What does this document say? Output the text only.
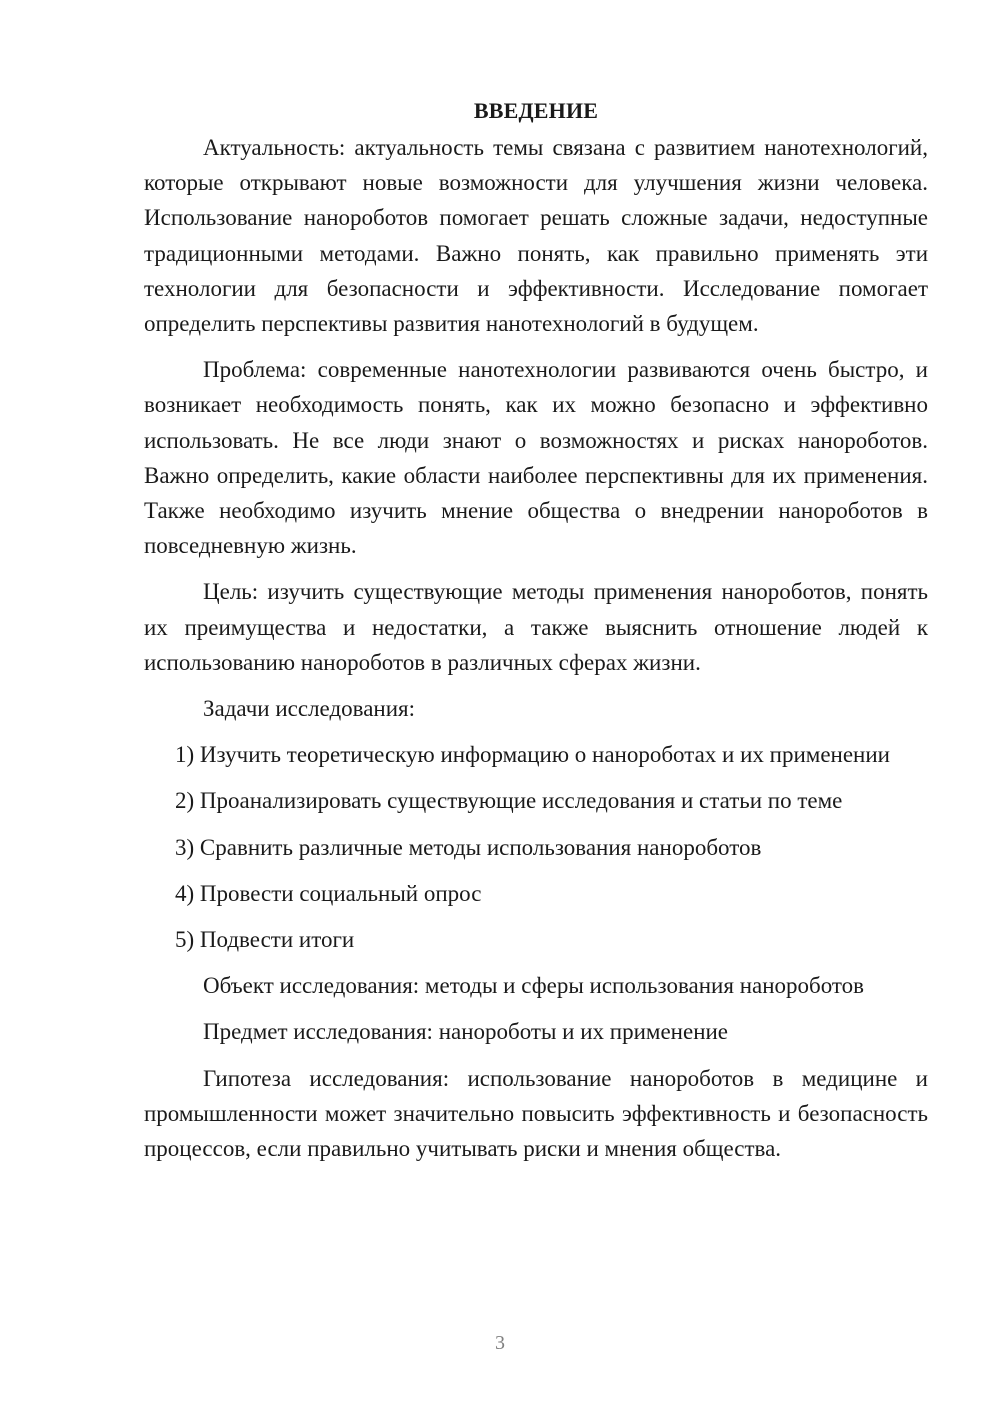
ВВЕДЕНИЕ

Актуальность: актуальность темы связана с развитием нанотехнологий, которые открывают новые возможности для улучшения жизни человека. Использование нанороботов помогает решать сложные задачи, недоступные традиционными методами. Важно понять, как правильно применять эти технологии для безопасности и эффективности. Исследование помогает определить перспективы развития нанотехнологий в будущем.

Проблема: современные нанотехнологии развиваются очень быстро, и возникает необходимость понять, как их можно безопасно и эффективно использовать. Не все люди знают о возможностях и рисках нанороботов. Важно определить, какие области наиболее перспективны для их применения. Также необходимо изучить мнение общества о внедрении нанороботов в повседневную жизнь.

Цель: изучить существующие методы применения нанороботов, понять их преимущества и недостатки, а также выяснить отношение людей к использованию нанороботов в различных сферах жизни.

Задачи исследования:

1) Изучить теоретическую информацию о нанороботах и их применении

2) Проанализировать существующие исследования и статьи по теме

3) Сравнить различные методы использования нанороботов

4) Провести социальный опрос

5) Подвести итоги

Объект исследования: методы и сферы использования нанороботов

Предмет исследования: нанороботы и их применение

Гипотеза исследования: использование нанороботов в медицине и промышленности может значительно повысить эффективность и безопасность процессов, если правильно учитывать риски и мнения общества.

3
